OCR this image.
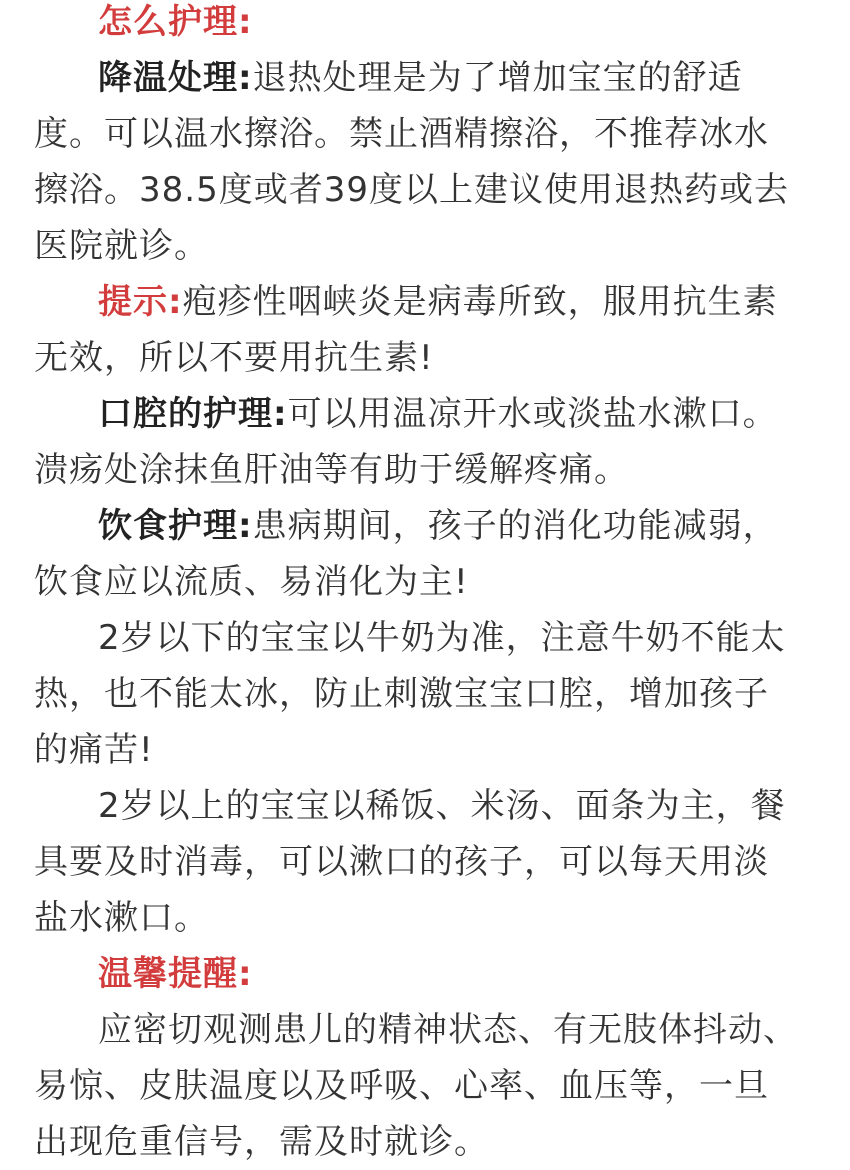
怎么护理:

降温处理:退热处理是为了增加宝宝的舒适

度。可以温水擦浴。禁止酒精擦浴，不推荐冰水

擦浴。38.5度或者39度以上建议使用退热药或去

医院就诊。

提示:疱疹性咽峡炎是病毒所致，服用抗生素

无效，所以不要用抗生素!

口腔的护理:可以用温凉开水或淡盐水漱口。

溃疡处涂抹鱼肝油等有助于缓解疼痛。

饮食护理:患病期间，孩子的消化功能减弱，

饮食应以流质、易消化为主!

2岁以下的宝宝以牛奶为准，注意牛奶不能太

热，也不能太冰，防止刺激宝宝口腔，增加孩子

的痛苦!

2岁以上的宝宝以稀饭、米汤、面条为主，餐

具要及时消毒，可以漱口的孩子，可以每天用淡

盐水漱口。

温馨提醒:

应密切观测患儿的精神状态、有无肢体抖动、

易惊、皮肤温度以及呼吸、心率、血压等，一旦

出现危重信号，需及时就诊。
